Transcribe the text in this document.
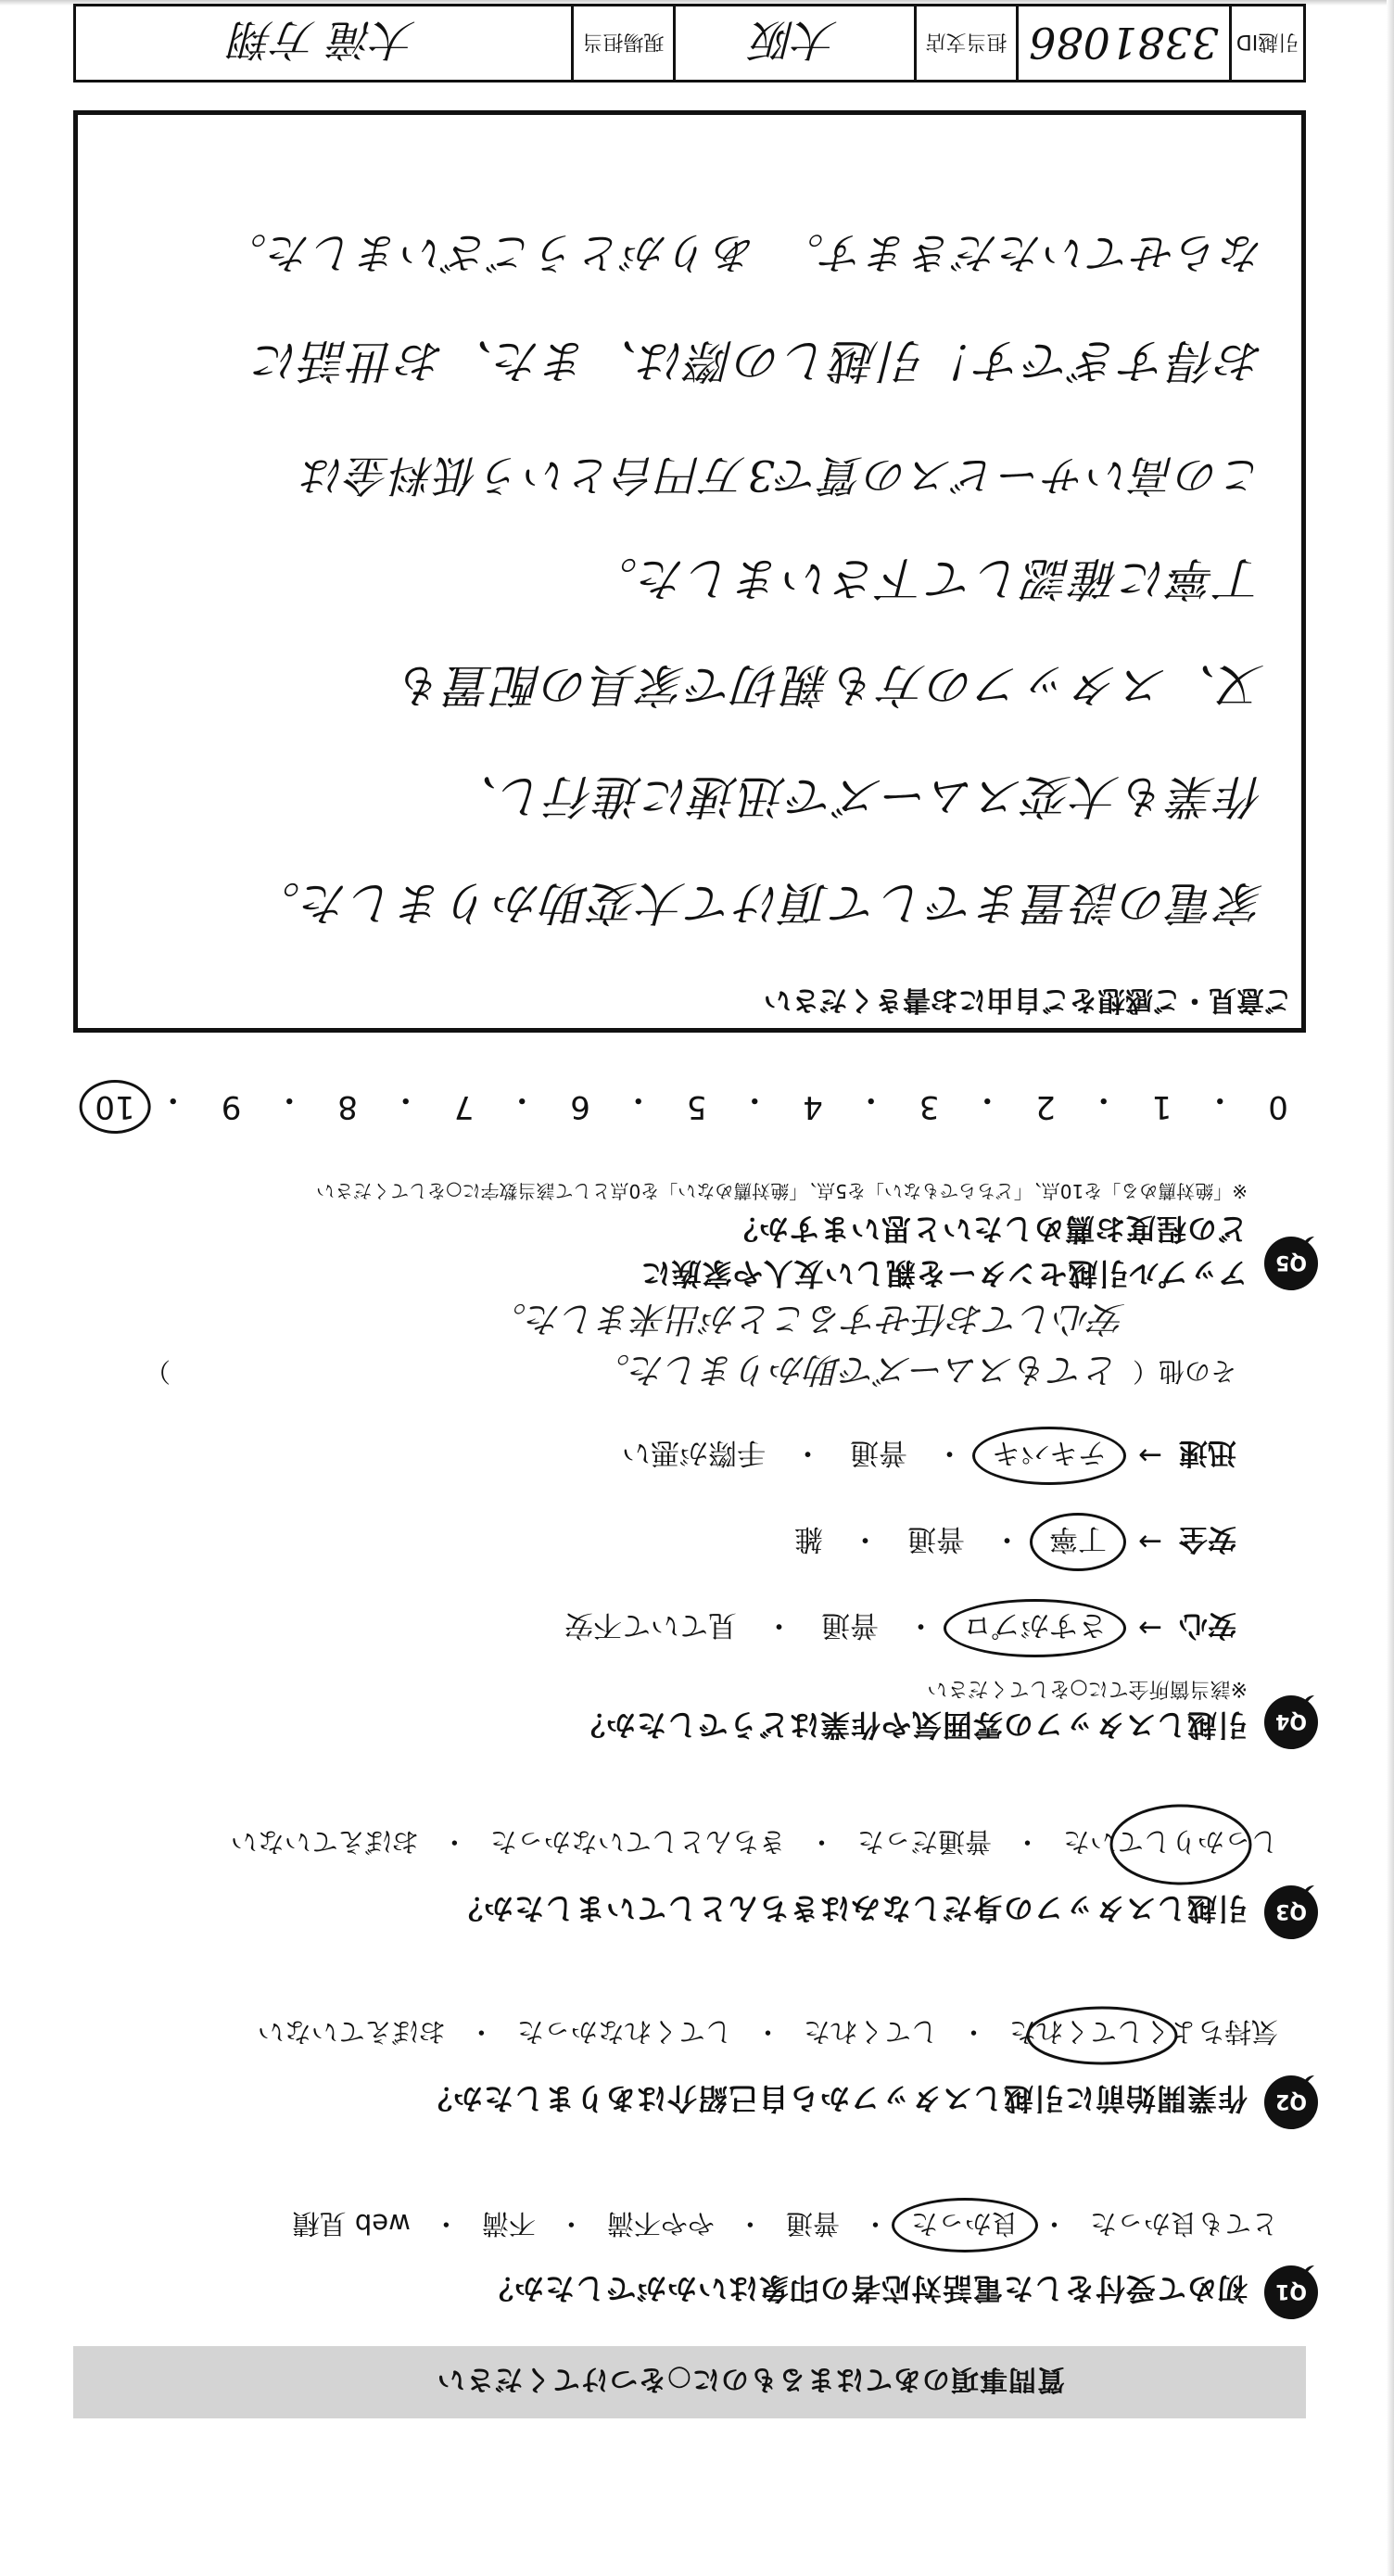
質問事項のあてはまるものに○をつけてください
Q1
初めて受付をした電話対応者の印象はいかがでしたか？
とても良かった
・
良かった
・
普通
・
やや不満
・
不満
・
web 見積
Q2
作業開始前に引越しスタッフから自己紹介はありましたか？
気持ちよくしてくれた
・
してくれた
・
してくれなかった
・
おぼえていない
Q3
引越しスタッフの身だしなみはきちんとしていましたか？
しっかりしていた
・
普通だった
・
きちんとしていなかった
・
おぼえていない
Q4
引越しスタッフの雰囲気や作業はどうでしたか？
※該当箇所全てに○をしてください
安心
→
さすがプロ
・
普通
・
見ていて不安
安全
→
丁寧
・
普通
・
雑
迅速
→
テキパキ
・
普通
・
手際が悪い
その他（
とてもスムーズで助かりました。
）
安心してお任せすることが出来ました。
Q5
アップル引越センターを親しい友人や家族に
どの程度お薦めしたいと思いますか？
※「絶対薦める」を10点、「どちらでもない」を5点、「絶対薦めない」を0点として該当数字に○をしてください
ご意見・ご感想をご自由にお書きください
家電の設置までして頂けて大変助かりました。
作業も大変スムーズで迅速に進行し、
又、スタッフの方も親切で家具の配置も
丁寧に確認して下さいました。
この高いサービスの質で3万円台という低料金は
お得すぎです！引越しの際は、また、お世話に
ならせていただきます。　ありがとうございました。
引越ID
3381086
担当支店
大阪
現場担当
大滝 方翔
10 ・ 9 ・ 8 ・ 7 ・ 6 ・ 5 ・ 4 ・ 3 ・ 2 ・ 1 ・ 0
